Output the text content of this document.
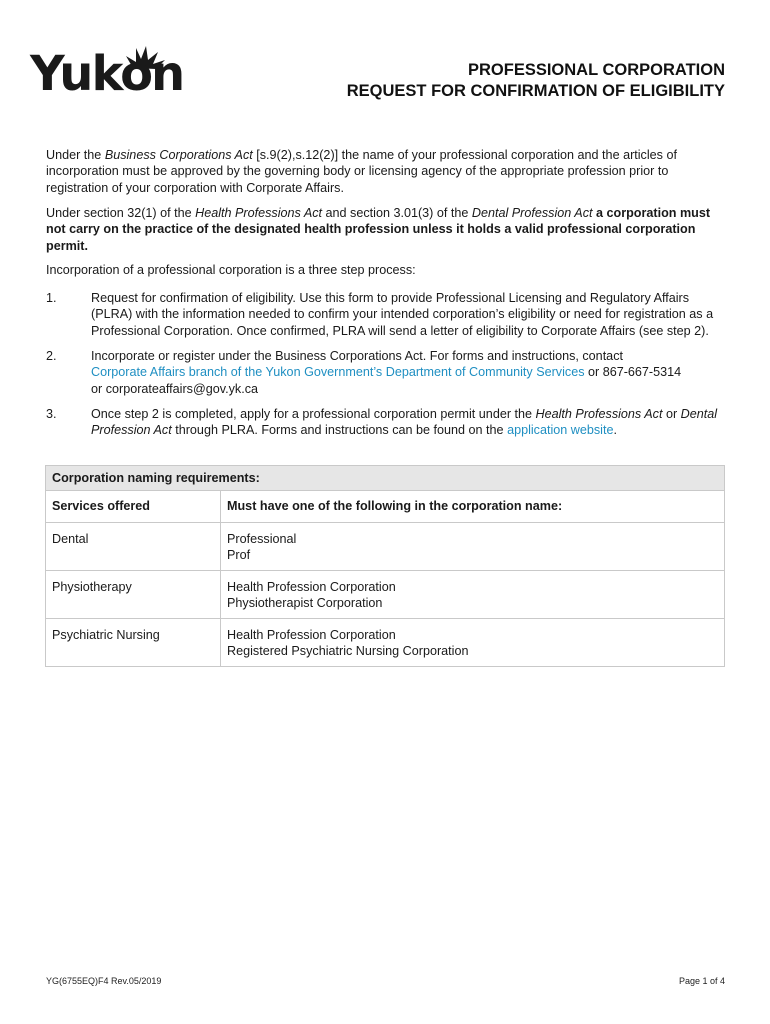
Yukon	PROFESSIONAL CORPORATION
REQUEST FOR CONFIRMATION OF ELIGIBILITY
Under the Business Corporations Act [s.9(2),s.12(2)] the name of your professional corporation and the articles of incorporation must be approved by the governing body or licensing agency of the appropriate profession prior to registration of your corporation with Corporate Affairs.
Under section 32(1) of the Health Professions Act and section 3.01(3) of the Dental Profession Act a corporation must not carry on the practice of the designated health profession unless it holds a valid professional corporation permit.
Incorporation of a professional corporation is a three step process:
1.	Request for confirmation of eligibility. Use this form to provide Professional Licensing and Regulatory Affairs (PLRA) with the information needed to confirm your intended corporation’s eligibility or need for registration as a Professional Corporation. Once confirmed, PLRA will send a letter of eligibility to Corporate Affairs (see step 2).
2.	Incorporate or register under the Business Corporations Act. For forms and instructions, contact
Corporate Affairs branch of the Yukon Government’s Department of Community Services or 867-667-5314
or corporateaffairs@gov.yk.ca
3.	Once step 2 is completed, apply for a professional corporation permit under the Health Professions Act or Dental Profession Act through PLRA. Forms and instructions can be found on the application website.
Corporation naming requirements:	
Services offered	Must have one of the following in the corporation name:
Dental	Professional
Prof
Physiotherapy	Health Profession Corporation
Physiotherapist Corporation
Psychiatric Nursing	Health Profession Corporation
Registered Psychiatric Nursing Corporation
YG(6755EQ)F4 Rev.05/2019	Page 1 of 4
